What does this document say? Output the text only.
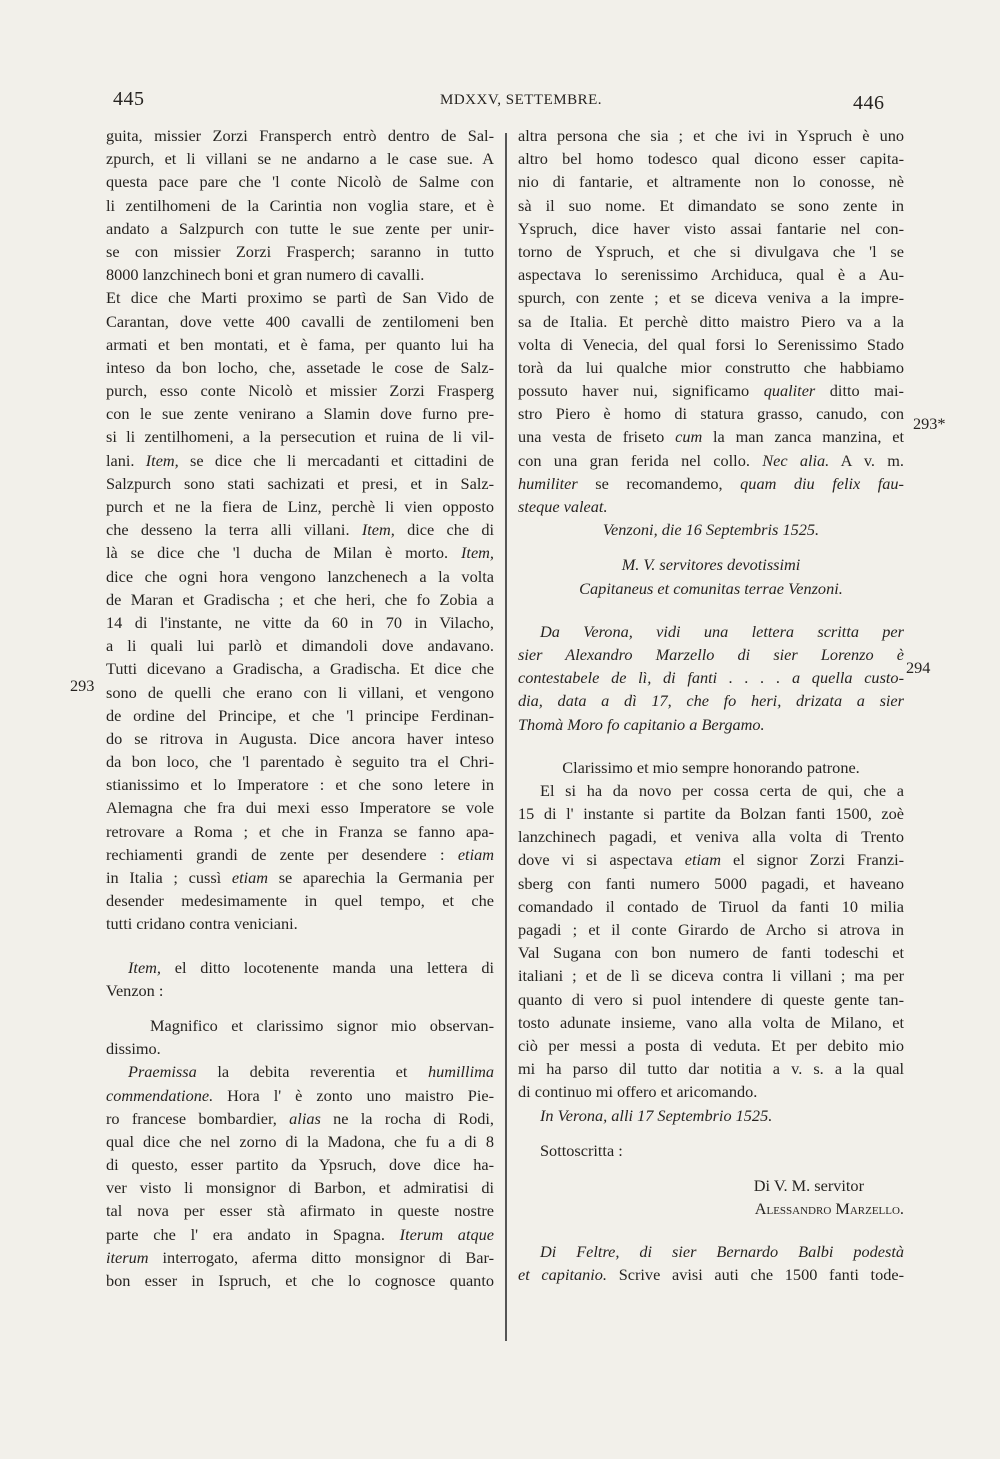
445	MDXXV, SETTEMBRE.	446
293
293*
294
guita, missier Zorzi Fransperch entrò dentro de Sal-
zpurch, et li villani se ne andarno a le case sue. A
questa pace pare che 'l conte Nicolò de Salme con
li zentilhomeni de la Carintia non voglia stare, et è
andato a Salzpurch con tutte le sue zente per unir-
se con missier Zorzi Frasperch; saranno in tutto
8000 lanzchinech boni et gran numero di cavalli.
Et dice che Marti proximo se partì de San Vido de
Carantan, dove vette 400 cavalli de zentilomeni ben
armati et ben montati, et è fama, per quanto lui ha
inteso da bon locho, che, assetade le cose de Salz-
purch, esso conte Nicolò et missier Zorzi Frasperg
con le sue zente venirano a Slamin dove furno pre-
si li zentilhomeni, a la persecution et ruina de li vil-
lani. Item, se dice che li mercadanti et cittadini de
Salzpurch sono stati sachizati et presi, et in Salz-
purch et ne la fiera de Linz, perchè li vien opposto
che desseno la terra alli villani. Item, dice che di
là se dice che 'l ducha de Milan è morto. Item,
dice che ogni hora vengono lanzchenech a la volta
de Maran et Gradischa ; et che heri, che fo Zobia a
14 di l'instante, ne vitte da 60 in 70 in Vilacho,
a li quali lui parlò et dimandoli dove andavano.
Tutti dicevano a Gradischa, a Gradischa. Et dice che
sono de quelli che erano con li villani, et vengono
de ordine del Principe, et che 'l principe Ferdinan-
do se ritrova in Augusta. Dice ancora haver inteso
da bon loco, che 'l parentado è seguito tra el Chri-
stianissimo et lo Imperatore : et che sono letere in
Alemagna che fra dui mexi esso Imperatore se vole
retrovare a Roma ; et che in Franza se fanno apa-
rechiamenti grandi de zente per desendere : etiam
in Italia ; cussì etiam se aparechia la Germania per
desender medesimamente in quel tempo, et che
tutti cridano contra veniciani.
Item, el ditto locotenente manda una lettera di
Venzon :
Magnifico et clarissimo signor mio observan-
dissimo.
Praemissa la debita reverentia et humillima
commendatione. Hora l' è zonto uno maistro Pie-
ro francese bombardier, alias ne la rocha di Rodi,
qual dice che nel zorno di la Madona, che fu a di 8
di questo, esser partito da Ypsruch, dove dice ha-
ver visto li monsignor di Barbon, et admiratisi di
tal nova per esser stà afirmato in queste nostre
parte che l' era andato in Spagna. Iterum atque
iterum interrogato, aferma ditto monsignor di Bar-
bon esser in Ispruch, et che lo cognosce quanto
altra persona che sia ; et che ivi in Yspruch è uno
altro bel homo todesco qual dicono esser capita-
nio di fantarie, et altramente non lo conosse, nè
sà il suo nome. Et dimandato se sono zente in
Yspruch, dice haver visto assai fantarie nel con-
torno de Yspruch, et che si divulgava che 'l se
aspectava lo serenissimo Archiduca, qual è a Au-
spurch, con zente ; et se diceva veniva a la impre-
sa de Italia. Et perchè ditto maistro Piero va a la
volta di Venecia, del qual forsi lo Serenissimo Stado
torà da lui qualche mior construtto che habbiamo
possuto haver nui, significamo qualiter ditto mai-
stro Piero è homo di statura grasso, canudo, con
una vesta de friseto cum la man zanca manzina, et
con una gran ferida nel collo. Nec alia. A v. m.
humiliter se recomandemo, quam diu felix fau-
steque valeat.
Venzoni, die 16 Septembris 1525.
M. V. servitores devotissimi
Capitaneus et comunitas terrae Venzoni.
Da Verona, vidi una lettera scritta per
sier Alexandro Marzello di sier Lorenzo è
contestabele de lì, di fanti . . . . a quella custo-
dia, data a dì 17, che fo heri, drizata a sier
Thomà Moro fo capitanio a Bergamo.
Clarissimo et mio sempre honorando patrone.
El si ha da novo per cossa certa de qui, che a
15 di l' instante si partite da Bolzan fanti 1500, zoè
lanzchinech pagadi, et veniva alla volta di Trento
dove vi si aspectava etiam el signor Zorzi Franzi-
sberg con fanti numero 5000 pagadi, et haveano
comandado il contado de Tiruol da fanti 10 milia
pagadi ; et il conte Girardo de Archo si atrova in
Val Sugana con bon numero de fanti todeschi et
italiani ; et de lì se diceva contra li villani ; ma per
quanto di vero si puol intendere di queste gente tan-
tosto adunate insieme, vano alla volta de Milano, et
ciò per messi a posta di veduta. Et per debito mio
mi ha parso dil tutto dar notitia a v. s. a la qual
di continuo mi offero et aricomando.
In Verona, alli 17 Septembrio 1525.
Sottoscritta :
Di V. M. servitor
Alessandro Marzello.
Di Feltre, di sier Bernardo Balbi podestà
et capitanio. Scrive avisi auti che 1500 fanti tode-
